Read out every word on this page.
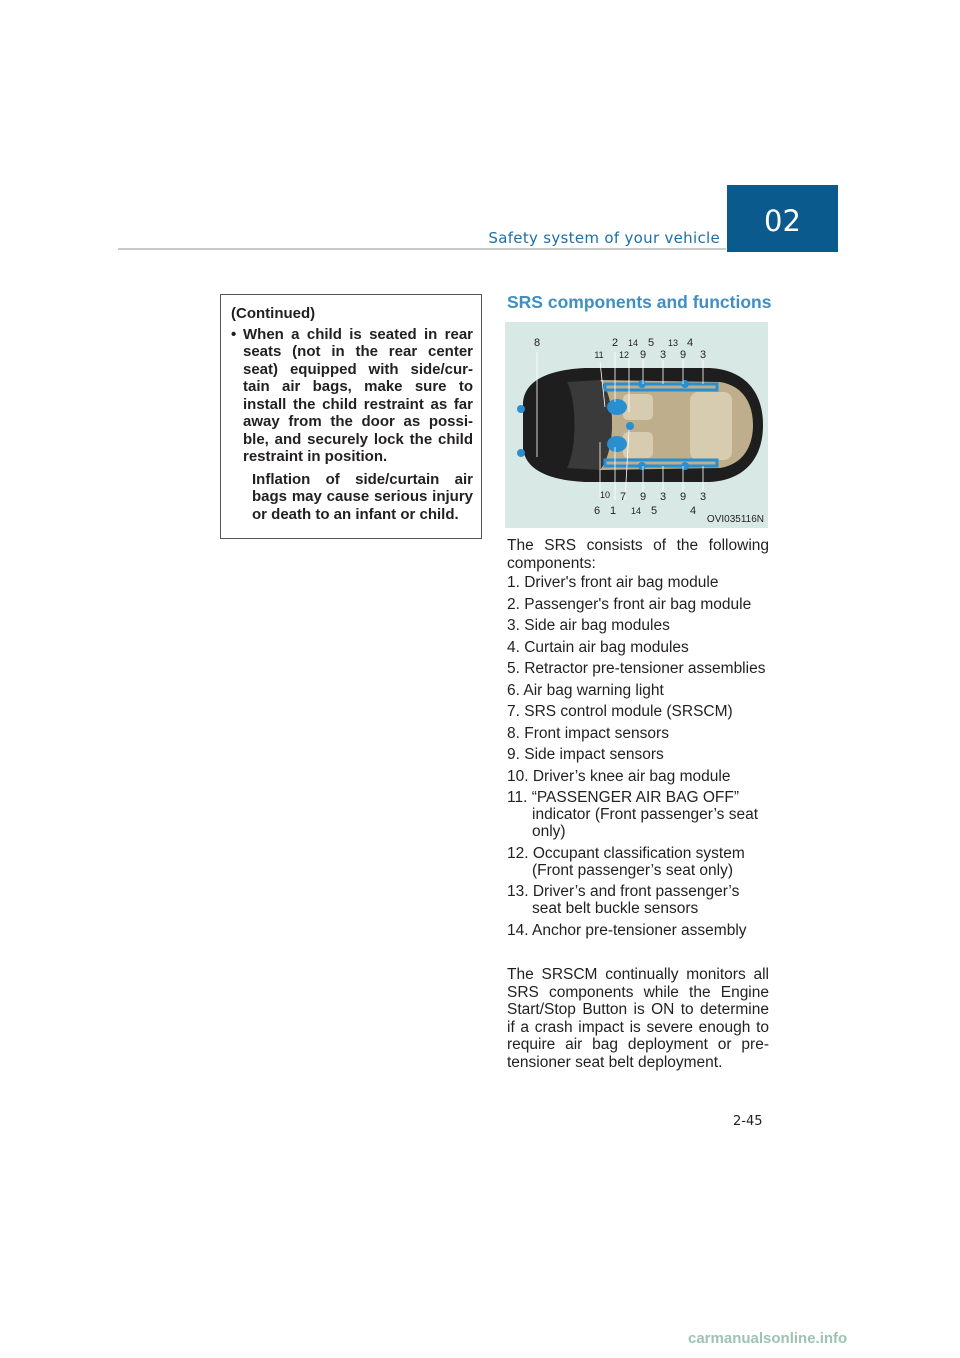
Safety system of your vehicle
02
(Continued)
• When a child is seated in rear seats (not in the rear center seat) equipped with side/cur-tain air bags, make sure to install the child restraint as far away from the door as possi-ble, and securely lock the child restraint in position.
Inflation of side/curtain air bags may cause serious injury or death to an infant or child.
SRS components and functions
8	2 14 5 13 4
11 12 9 3 9 3
10 7 9 3 9 3
6 1 14 5	4
OVI035116N
The SRS consists of the following components:
1. Driver's front air bag module
2. Passenger's front air bag module
3. Side air bag modules
4. Curtain air bag modules
5. Retractor pre-tensioner assemblies
6. Air bag warning light
7. SRS control module (SRSCM)
8. Front impact sensors
9. Side impact sensors
10. Driver’s knee air bag module
11. “PASSENGER AIR BAG OFF” indicator (Front passenger’s seat only)
12. Occupant classification system (Front passenger’s seat only)
13. Driver’s and front passenger’s seat belt buckle sensors
14. Anchor pre-tensioner assembly
The SRSCM continually monitors all SRS components while the Engine Start/Stop Button is ON to determine if a crash impact is severe enough to require air bag deployment or pre-tensioner seat belt deployment.
2-45
carmanualsonline.info
